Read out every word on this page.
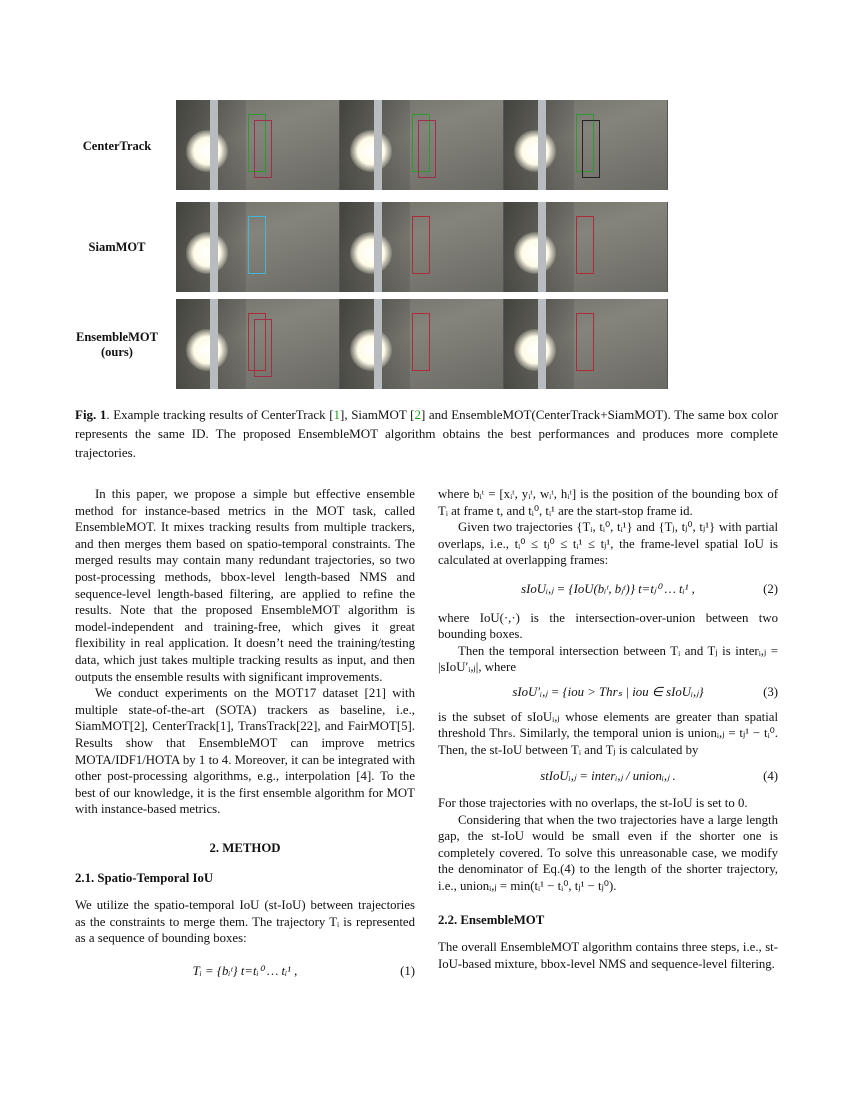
CenterTrack
SiamMOT
EnsembleMOT
(ours)
Fig. 1. Example tracking results of CenterTrack [1], SiamMOT [2] and EnsembleMOT(CenterTrack+SiamMOT). The same box color represents the same ID. The proposed EnsembleMOT algorithm obtains the best performances and produces more complete trajectories.

In this paper, we propose a simple but effective ensemble method for instance-based metrics in the MOT task, called EnsembleMOT. It mixes tracking results from multiple trackers, and then merges them based on spatio-temporal constraints. The merged results may contain many redundant trajectories, so two post-processing methods, bbox-level length-based NMS and sequence-level length-based filtering, are applied to refine the results. Note that the proposed EnsembleMOT algorithm is model-independent and training-free, which gives it great flexibility in real application. It doesn’t need the training/testing data, which just takes multiple tracking results as input, and then outputs the ensemble results with significant improvements.

We conduct experiments on the MOT17 dataset [21] with multiple state-of-the-art (SOTA) trackers as baseline, i.e., SiamMOT[2], CenterTrack[1], TransTrack[22], and FairMOT[5]. Results show that EnsembleMOT can improve metrics MOTA/IDF1/HOTA by 1 to 4. Moreover, it can be integrated with other post-processing algorithms, e.g., interpolation [4]. To the best of our knowledge, it is the first ensemble algorithm for MOT with instance-based metrics.

2. METHOD
2.1. Spatio-Temporal IoU

We utilize the spatio-temporal IoU (st-IoU) between trajectories as the constraints to merge them. The trajectory Tᵢ is represented as a sequence of bounding boxes:

Tᵢ = {bᵢᵗ} t=tᵢ⁰ … tᵢ¹ ,	(1)

where bᵢᵗ = [xᵢᵗ, yᵢᵗ, wᵢᵗ, hᵢᵗ] is the position of the bounding box of Tᵢ at frame t, and tᵢ⁰, tᵢ¹ are the start-stop frame id.

Given two trajectories {Tᵢ, tᵢ⁰, tᵢ¹} and {Tⱼ, tⱼ⁰, tⱼ¹} with partial overlaps, i.e., tᵢ⁰ ≤ tⱼ⁰ ≤ tᵢ¹ ≤ tⱼ¹, the frame-level spatial IoU is calculated at overlapping frames:

sIoUᵢ,ⱼ = {IoU(bᵢᵗ, bⱼᵗ)} t=tⱼ⁰ … tᵢ¹ ,	(2)

where IoU(·,·) is the intersection-over-union between two bounding boxes.

Then the temporal intersection between Tᵢ and Tⱼ is interᵢ,ⱼ = |sIoU′ᵢ,ⱼ|, where

sIoU′ᵢ,ⱼ = {iou > Thrₛ | iou ∈ sIoUᵢ,ⱼ}	(3)

is the subset of sIoUᵢ,ⱼ whose elements are greater than spatial threshold Thrₛ. Similarly, the temporal union is unionᵢ,ⱼ = tⱼ¹ − tᵢ⁰. Then, the st-IoU between Tᵢ and Tⱼ is calculated by

stIoUᵢ,ⱼ = interᵢ,ⱼ / unionᵢ,ⱼ .	(4)

For those trajectories with no overlaps, the st-IoU is set to 0.

Considering that when the two trajectories have a large length gap, the st-IoU would be small even if the shorter one is completely covered. To solve this unreasonable case, we modify the denominator of Eq.(4) to the length of the shorter trajectory, i.e., unionᵢ,ⱼ = min(tᵢ¹ − tᵢ⁰, tⱼ¹ − tⱼ⁰).

2.2. EnsembleMOT

The overall EnsembleMOT algorithm contains three steps, i.e., st-IoU-based mixture, bbox-level NMS and sequence-level filtering.
